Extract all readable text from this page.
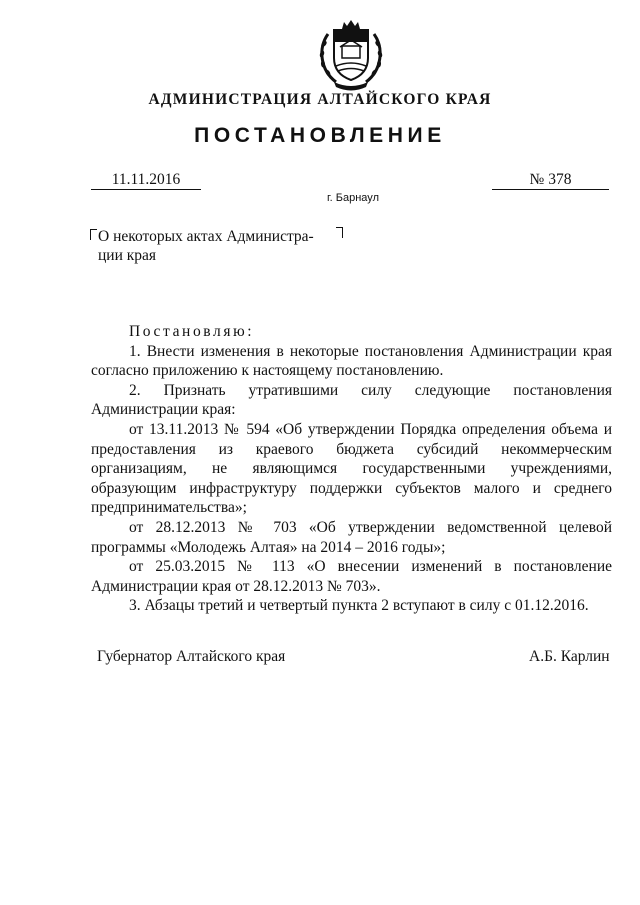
АДМИНИСТРАЦИЯ АЛТАЙСКОГО КРАЯ
ПОСТАНОВЛЕНИЕ
11.11.2016	№ 378
г. Барнаул
О некоторых актах Администра-
ции края

Постановляю:

1. Внести изменения в некоторые постановления Администрации края согласно приложению к настоящему постановлению.

2. Признать утратившими силу следующие постановления Администрации края:

от 13.11.2013 № 594 «Об утверждении Порядка определения объема и предоставления из краевого бюджета субсидий некоммерческим организациям, не являющимся государственными учреждениями, образующим инфраструктуру поддержки субъектов малого и среднего предпринимательства»;

от 28.12.2013 № 703 «Об утверждении ведомственной целевой программы «Молодежь Алтая» на 2014 – 2016 годы»;

от 25.03.2015 № 113 «О внесении изменений в постановление Администрации края от 28.12.2013 № 703».

3. Абзацы третий и четвертый пункта 2 вступают в силу с 01.12.2016.

Губернатор Алтайского края	А.Б. Карлин
